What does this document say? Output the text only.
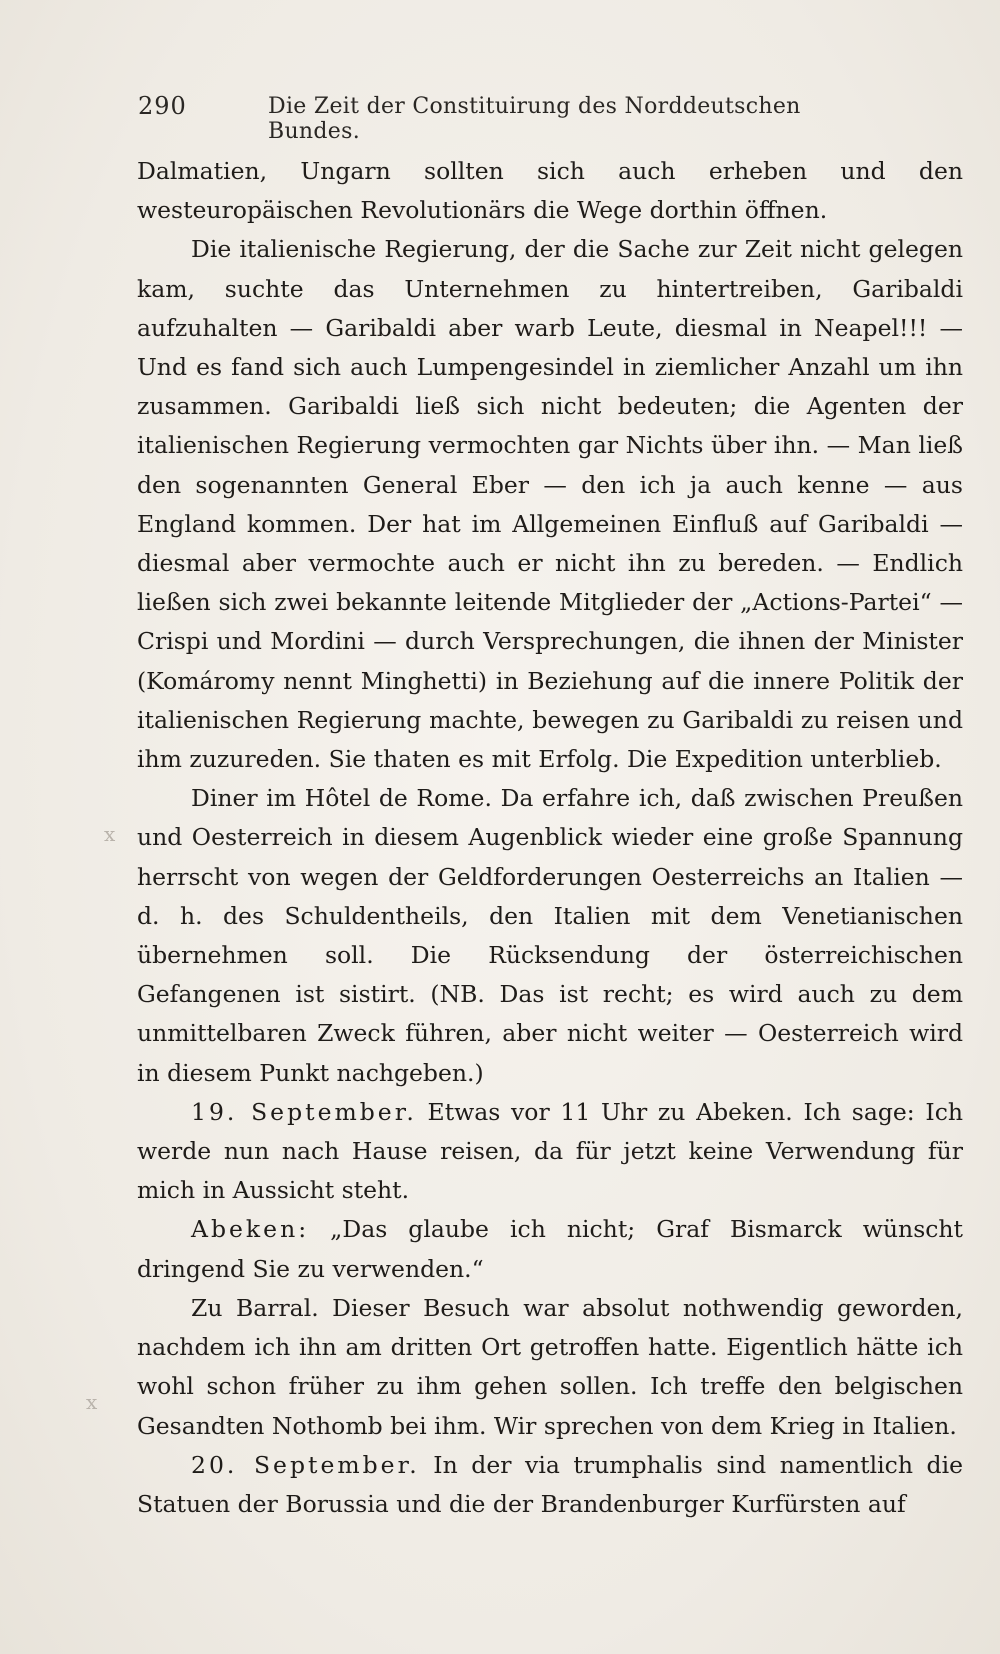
290	Die Zeit der Constituirung des Norddeutschen Bundes.

Dalmatien, Ungarn sollten sich auch erheben und den westeuropäischen Revolutionärs die Wege dorthin öffnen.

Die italienische Regierung, der die Sache zur Zeit nicht gelegen kam, suchte das Unternehmen zu hintertreiben, Garibaldi aufzuhalten — Garibaldi aber warb Leute, diesmal in Neapel!!! — Und es fand sich auch Lumpengesindel in ziemlicher Anzahl um ihn zusammen. Garibaldi ließ sich nicht bedeuten; die Agenten der italienischen Regierung vermochten gar Nichts über ihn. — Man ließ den sogenannten General Eber — den ich ja auch kenne — aus England kommen. Der hat im Allgemeinen Einfluß auf Garibaldi — diesmal aber vermochte auch er nicht ihn zu bereden. — Endlich ließen sich zwei bekannte leitende Mitglieder der „Actions-Partei“ — Crispi und Mordini — durch Versprechungen, die ihnen der Minister (Komáromy nennt Minghetti) in Beziehung auf die innere Politik der italienischen Regierung machte, bewegen zu Garibaldi zu reisen und ihm zuzureden. Sie thaten es mit Erfolg. Die Expedition unterblieb.

Diner im Hôtel de Rome. Da erfahre ich, daß zwischen Preußen und Oesterreich in diesem Augenblick wieder eine große Spannung herrscht von wegen der Geldforderungen Oesterreichs an Italien — d. h. des Schuldentheils, den Italien mit dem Venetianischen übernehmen soll. Die Rücksendung der österreichischen Gefangenen ist sistirt. (NB. Das ist recht; es wird auch zu dem unmittelbaren Zweck führen, aber nicht weiter — Oesterreich wird in diesem Punkt nachgeben.)

19. September. Etwas vor 11 Uhr zu Abeken. Ich sage: Ich werde nun nach Hause reisen, da für jetzt keine Verwendung für mich in Aussicht steht.

Abeken: „Das glaube ich nicht; Graf Bismarck wünscht dringend Sie zu verwenden.“

Zu Barral. Dieser Besuch war absolut nothwendig geworden, nachdem ich ihn am dritten Ort getroffen hatte. Eigentlich hätte ich wohl schon früher zu ihm gehen sollen. Ich treffe den belgischen Gesandten Nothomb bei ihm. Wir sprechen von dem Krieg in Italien.

20. September. In der via trumphalis sind namentlich die Statuen der Borussia und die der Brandenburger Kurfürsten auf

x
x
